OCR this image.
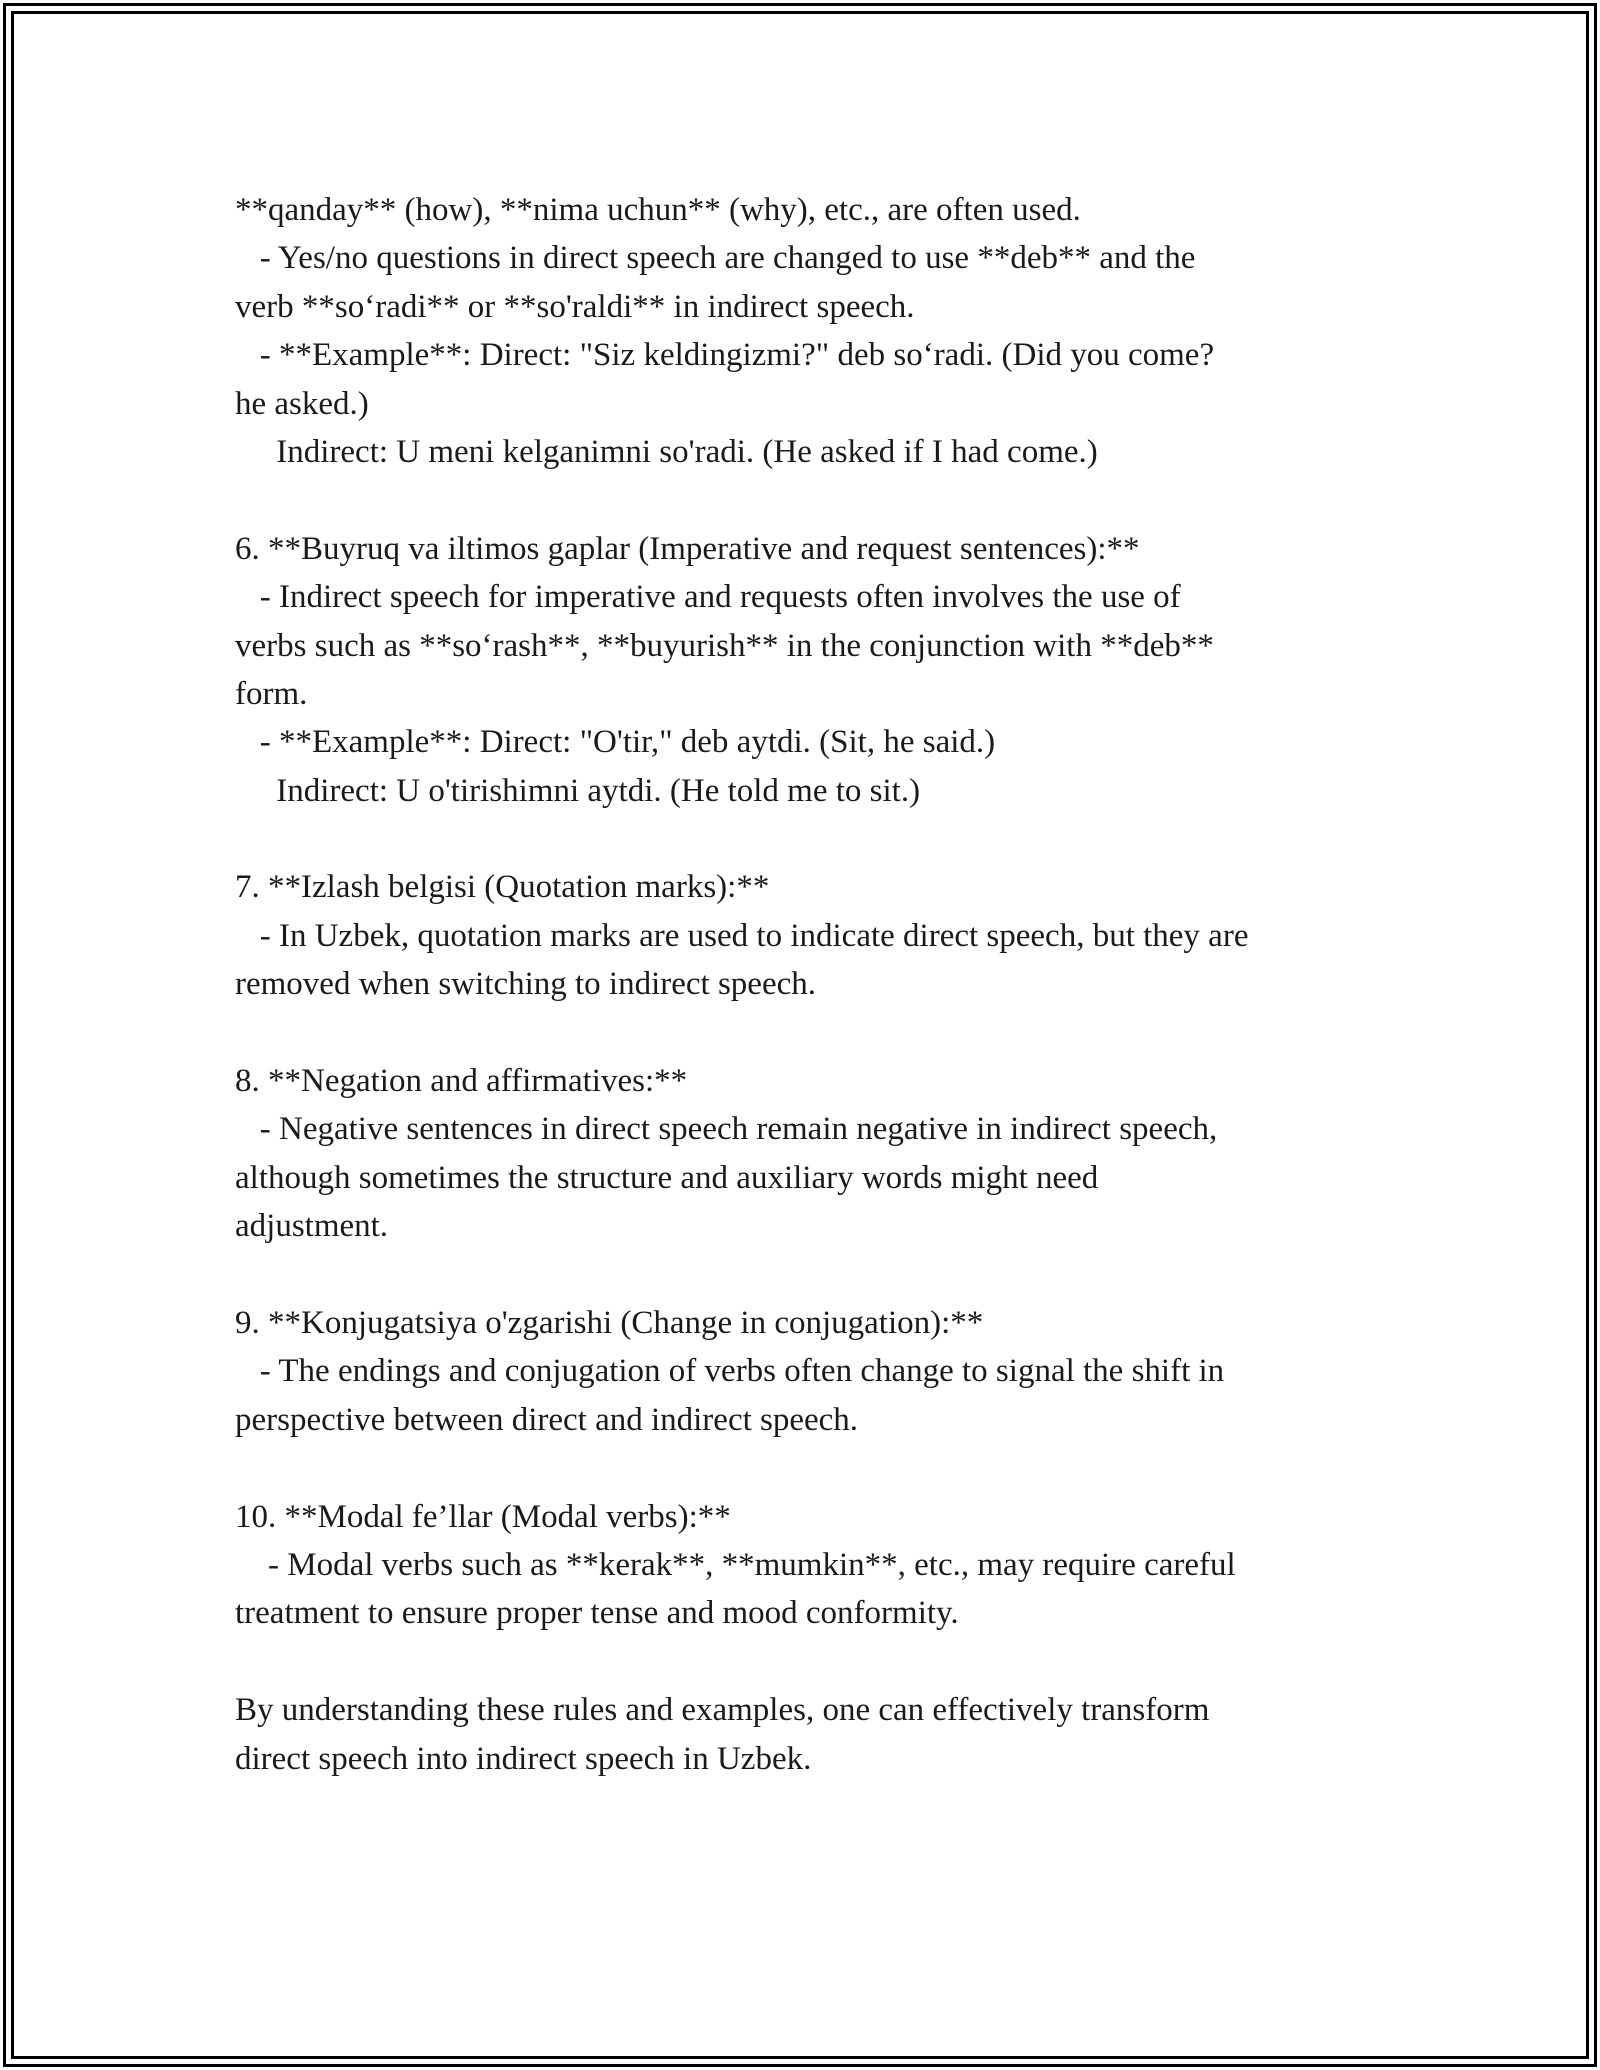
**qanday** (how), **nima uchun** (why), etc., are often used.
- Yes/no questions in direct speech are changed to use **deb** and the
verb **so‘radi** or **so'raldi** in indirect speech.
- **Example**: Direct: "Siz keldingizmi?" deb so‘radi. (Did you come?
he asked.)
Indirect: U meni kelganimni so'radi. (He asked if I had come.)
6. **Buyruq va iltimos gaplar (Imperative and request sentences):**
- Indirect speech for imperative and requests often involves the use of
verbs such as **so‘rash**, **buyurish** in the conjunction with **deb**
form.
- **Example**: Direct: "O'tir," deb aytdi. (Sit, he said.)
Indirect: U o'tirishimni aytdi. (He told me to sit.)
7. **Izlash belgisi (Quotation marks):**
- In Uzbek, quotation marks are used to indicate direct speech, but they are
removed when switching to indirect speech.
8. **Negation and affirmatives:**
- Negative sentences in direct speech remain negative in indirect speech,
although sometimes the structure and auxiliary words might need
adjustment.
9. **Konjugatsiya o'zgarishi (Change in conjugation):**
- The endings and conjugation of verbs often change to signal the shift in
perspective between direct and indirect speech.
10. **Modal fe’llar (Modal verbs):**
- Modal verbs such as **kerak**, **mumkin**, etc., may require careful
treatment to ensure proper tense and mood conformity.
By understanding these rules and examples, one can effectively transform
direct speech into indirect speech in Uzbek.
